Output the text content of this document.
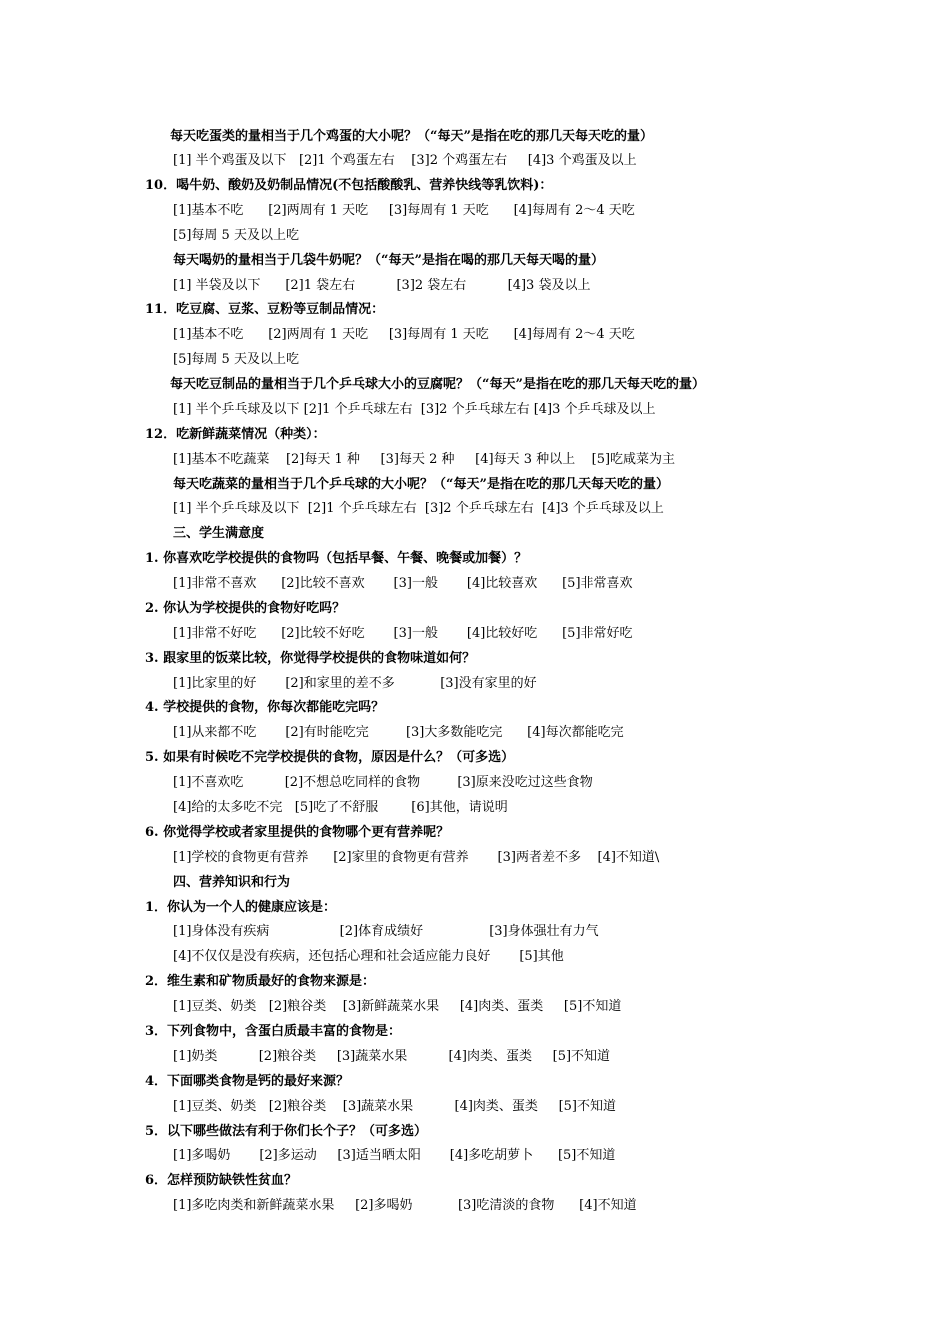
每天吃蛋类的量相当于几个鸡蛋的大小呢？（“每天”是指在吃的那几天每天吃的量）
[1] 半个鸡蛋及以下   [2]1 个鸡蛋左右    [3]2 个鸡蛋左右     [4]3 个鸡蛋及以上
10．喝牛奶、酸奶及奶制品情况(不包括酸酸乳、营养快线等乳饮料)：
[1]基本不吃      [2]两周有 1 天吃     [3]每周有 1 天吃      [4]每周有 2～4 天吃
[5]每周 5 天及以上吃
每天喝奶的量相当于几袋牛奶呢？（“每天”是指在喝的那几天每天喝的量）
[1] 半袋及以下      [2]1 袋左右          [3]2 袋左右          [4]3 袋及以上
11．吃豆腐、豆浆、豆粉等豆制品情况：
[1]基本不吃      [2]两周有 1 天吃     [3]每周有 1 天吃      [4]每周有 2～4 天吃
[5]每周 5 天及以上吃
每天吃豆制品的量相当于几个乒乓球大小的豆腐呢？（“每天”是指在吃的那几天每天吃的量）
[1] 半个乒乓球及以下 [2]1 个乒乓球左右  [3]2 个乒乓球左右 [4]3 个乒乓球及以上
12．吃新鲜蔬菜情况（种类）：
[1]基本不吃蔬菜    [2]每天 1 种     [3]每天 2 种     [4]每天 3 种以上    [5]吃咸菜为主
每天吃蔬菜的量相当于几个乒乓球的大小呢？（“每天”是指在吃的那几天每天吃的量）
[1] 半个乒乓球及以下  [2]1 个乒乓球左右  [3]2 个乒乓球左右  [4]3 个乒乓球及以上
三、学生满意度
1. 你喜欢吃学校提供的食物吗（包括早餐、午餐、晚餐或加餐）？
[1]非常不喜欢      [2]比较不喜欢       [3]一般       [4]比较喜欢      [5]非常喜欢
2. 你认为学校提供的食物好吃吗？
[1]非常不好吃      [2]比较不好吃       [3]一般       [4]比较好吃      [5]非常好吃
3. 跟家里的饭菜比较，你觉得学校提供的食物味道如何？
[1]比家里的好       [2]和家里的差不多           [3]没有家里的好
4. 学校提供的食物，你每次都能吃完吗？
[1]从来都不吃       [2]有时能吃完         [3]大多数能吃完      [4]每次都能吃完
5. 如果有时候吃不完学校提供的食物，原因是什么？（可多选）
[1]不喜欢吃          [2]不想总吃同样的食物         [3]原来没吃过这些食物
[4]给的太多吃不完   [5]吃了不舒服        [6]其他，请说明
6. 你觉得学校或者家里提供的食物哪个更有营养呢？
[1]学校的食物更有营养      [2]家里的食物更有营养       [3]两者差不多    [4]不知道\
四、营养知识和行为
1．你认为一个人的健康应该是：
[1]身体没有疾病                 [2]体育成绩好                [3]身体强壮有力气
[4]不仅仅是没有疾病，还包括心理和社会适应能力良好       [5]其他
2．维生素和矿物质最好的食物来源是：
[1]豆类、奶类   [2]粮谷类    [3]新鲜蔬菜水果     [4]肉类、蛋类     [5]不知道
3．下列食物中，含蛋白质最丰富的食物是：
[1]奶类          [2]粮谷类     [3]蔬菜水果          [4]肉类、蛋类     [5]不知道
4．下面哪类食物是钙的最好来源？
[1]豆类、奶类   [2]粮谷类    [3]蔬菜水果          [4]肉类、蛋类     [5]不知道
5．以下哪些做法有利于你们长个子？（可多选）
[1]多喝奶       [2]多运动     [3]适当晒太阳       [4]多吃胡萝卜      [5]不知道
6．怎样预防缺铁性贫血？
[1]多吃肉类和新鲜蔬菜水果     [2]多喝奶           [3]吃清淡的食物      [4]不知道
